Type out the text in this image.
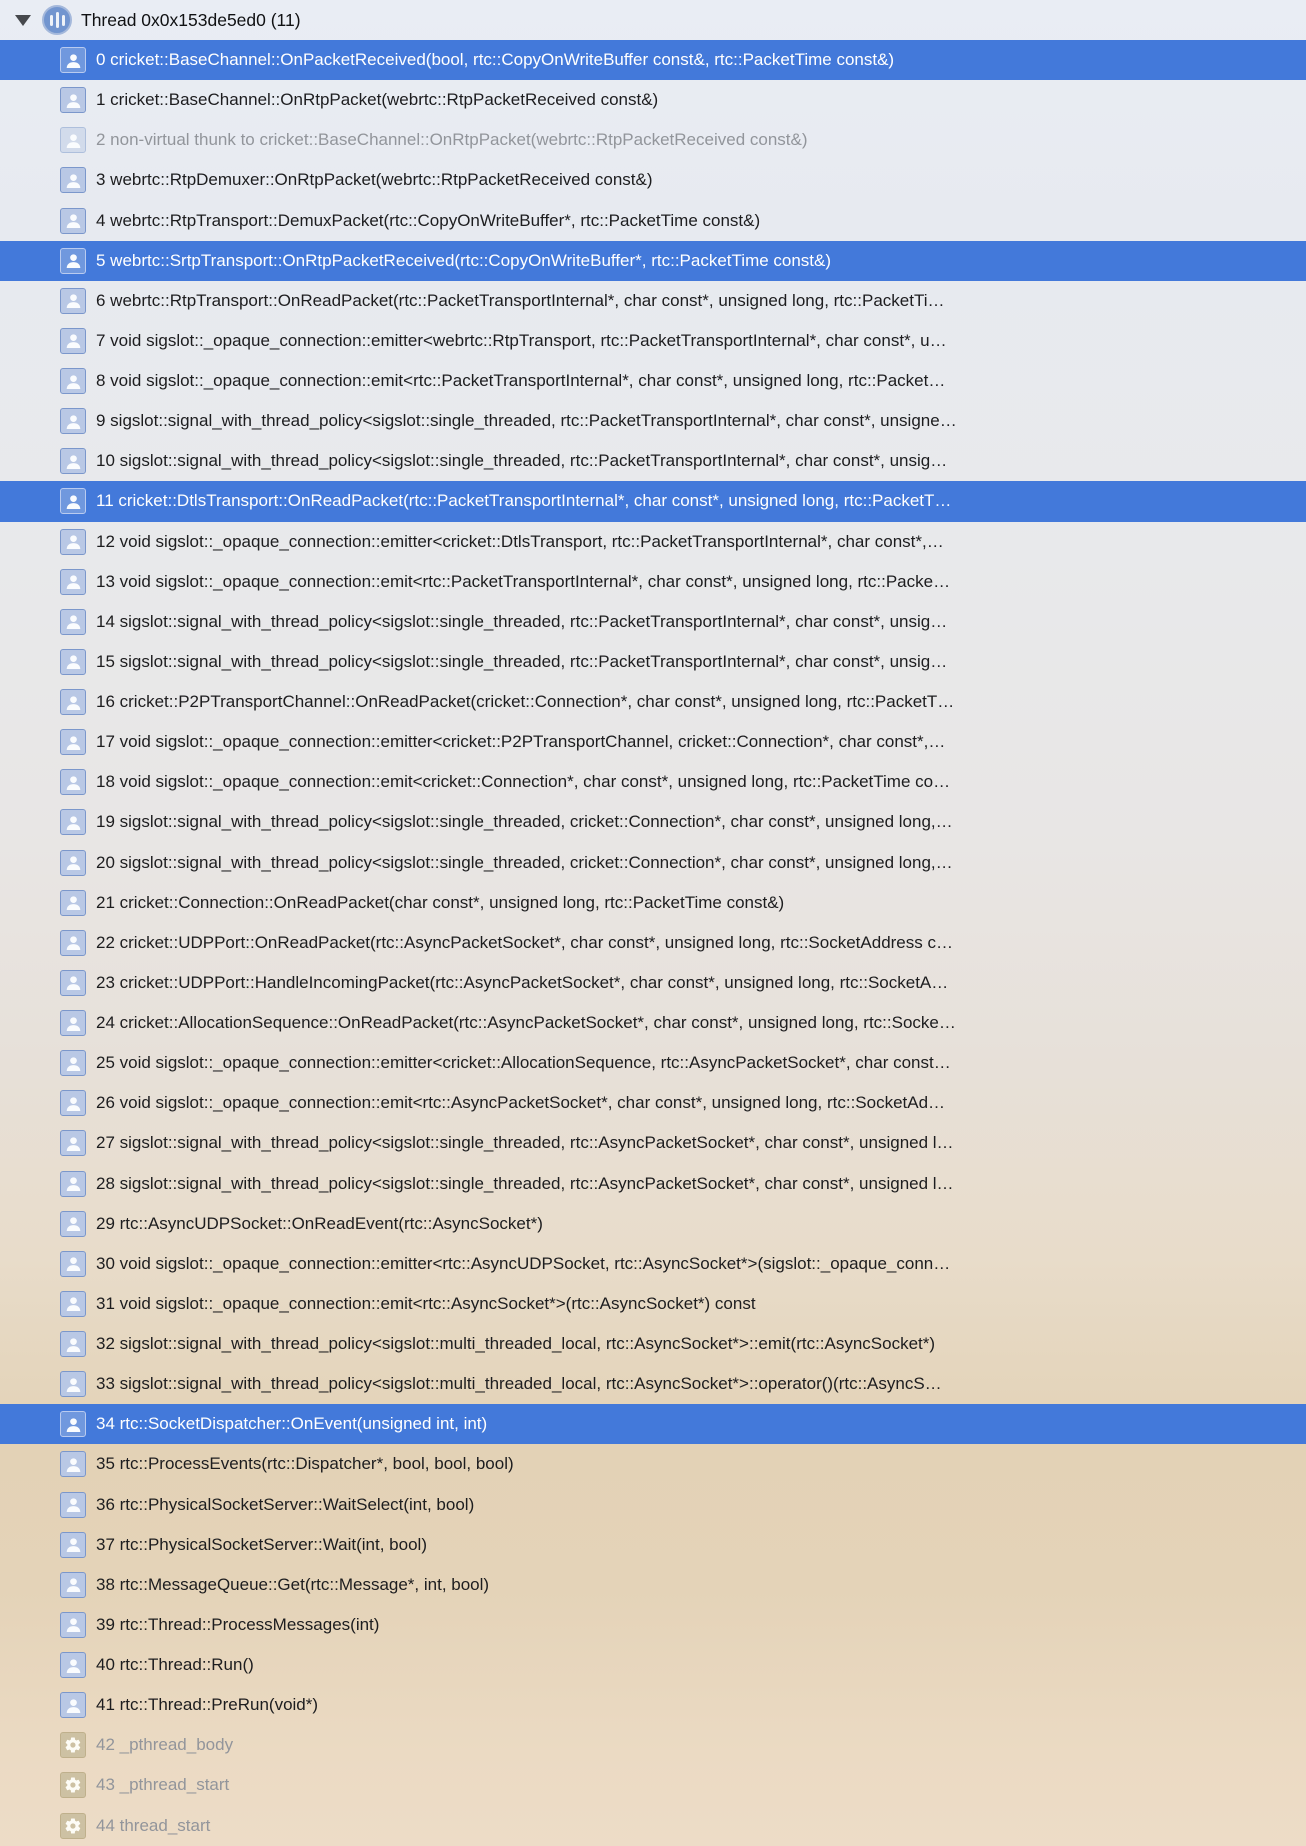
Thread 0x0x153de5ed0 (11)
0 cricket::BaseChannel::OnPacketReceived(bool, rtc::CopyOnWriteBuffer const&, rtc::PacketTime const&)
1 cricket::BaseChannel::OnRtpPacket(webrtc::RtpPacketReceived const&)
2 non-virtual thunk to cricket::BaseChannel::OnRtpPacket(webrtc::RtpPacketReceived const&)
3 webrtc::RtpDemuxer::OnRtpPacket(webrtc::RtpPacketReceived const&)
4 webrtc::RtpTransport::DemuxPacket(rtc::CopyOnWriteBuffer*, rtc::PacketTime const&)
5 webrtc::SrtpTransport::OnRtpPacketReceived(rtc::CopyOnWriteBuffer*, rtc::PacketTime const&)
6 webrtc::RtpTransport::OnReadPacket(rtc::PacketTransportInternal*, char const*, unsigned long, rtc::PacketTi…
7 void sigslot::_opaque_connection::emitter<webrtc::RtpTransport, rtc::PacketTransportInternal*, char const*, u…
8 void sigslot::_opaque_connection::emit<rtc::PacketTransportInternal*, char const*, unsigned long, rtc::Packet…
9 sigslot::signal_with_thread_policy<sigslot::single_threaded, rtc::PacketTransportInternal*, char const*, unsigne…
10 sigslot::signal_with_thread_policy<sigslot::single_threaded, rtc::PacketTransportInternal*, char const*, unsig…
11 cricket::DtlsTransport::OnReadPacket(rtc::PacketTransportInternal*, char const*, unsigned long, rtc::PacketT…
12 void sigslot::_opaque_connection::emitter<cricket::DtlsTransport, rtc::PacketTransportInternal*, char const*,…
13 void sigslot::_opaque_connection::emit<rtc::PacketTransportInternal*, char const*, unsigned long, rtc::Packe…
14 sigslot::signal_with_thread_policy<sigslot::single_threaded, rtc::PacketTransportInternal*, char const*, unsig…
15 sigslot::signal_with_thread_policy<sigslot::single_threaded, rtc::PacketTransportInternal*, char const*, unsig…
16 cricket::P2PTransportChannel::OnReadPacket(cricket::Connection*, char const*, unsigned long, rtc::PacketT…
17 void sigslot::_opaque_connection::emitter<cricket::P2PTransportChannel, cricket::Connection*, char const*,…
18 void sigslot::_opaque_connection::emit<cricket::Connection*, char const*, unsigned long, rtc::PacketTime co…
19 sigslot::signal_with_thread_policy<sigslot::single_threaded, cricket::Connection*, char const*, unsigned long,…
20 sigslot::signal_with_thread_policy<sigslot::single_threaded, cricket::Connection*, char const*, unsigned long,…
21 cricket::Connection::OnReadPacket(char const*, unsigned long, rtc::PacketTime const&)
22 cricket::UDPPort::OnReadPacket(rtc::AsyncPacketSocket*, char const*, unsigned long, rtc::SocketAddress c…
23 cricket::UDPPort::HandleIncomingPacket(rtc::AsyncPacketSocket*, char const*, unsigned long, rtc::SocketA…
24 cricket::AllocationSequence::OnReadPacket(rtc::AsyncPacketSocket*, char const*, unsigned long, rtc::Socke…
25 void sigslot::_opaque_connection::emitter<cricket::AllocationSequence, rtc::AsyncPacketSocket*, char const…
26 void sigslot::_opaque_connection::emit<rtc::AsyncPacketSocket*, char const*, unsigned long, rtc::SocketAd…
27 sigslot::signal_with_thread_policy<sigslot::single_threaded, rtc::AsyncPacketSocket*, char const*, unsigned l…
28 sigslot::signal_with_thread_policy<sigslot::single_threaded, rtc::AsyncPacketSocket*, char const*, unsigned l…
29 rtc::AsyncUDPSocket::OnReadEvent(rtc::AsyncSocket*)
30 void sigslot::_opaque_connection::emitter<rtc::AsyncUDPSocket, rtc::AsyncSocket*>(sigslot::_opaque_conn…
31 void sigslot::_opaque_connection::emit<rtc::AsyncSocket*>(rtc::AsyncSocket*) const
32 sigslot::signal_with_thread_policy<sigslot::multi_threaded_local, rtc::AsyncSocket*>::emit(rtc::AsyncSocket*)
33 sigslot::signal_with_thread_policy<sigslot::multi_threaded_local, rtc::AsyncSocket*>::operator()(rtc::AsyncS…
34 rtc::SocketDispatcher::OnEvent(unsigned int, int)
35 rtc::ProcessEvents(rtc::Dispatcher*, bool, bool, bool)
36 rtc::PhysicalSocketServer::WaitSelect(int, bool)
37 rtc::PhysicalSocketServer::Wait(int, bool)
38 rtc::MessageQueue::Get(rtc::Message*, int, bool)
39 rtc::Thread::ProcessMessages(int)
40 rtc::Thread::Run()
41 rtc::Thread::PreRun(void*)
42 _pthread_body
43 _pthread_start
44 thread_start
